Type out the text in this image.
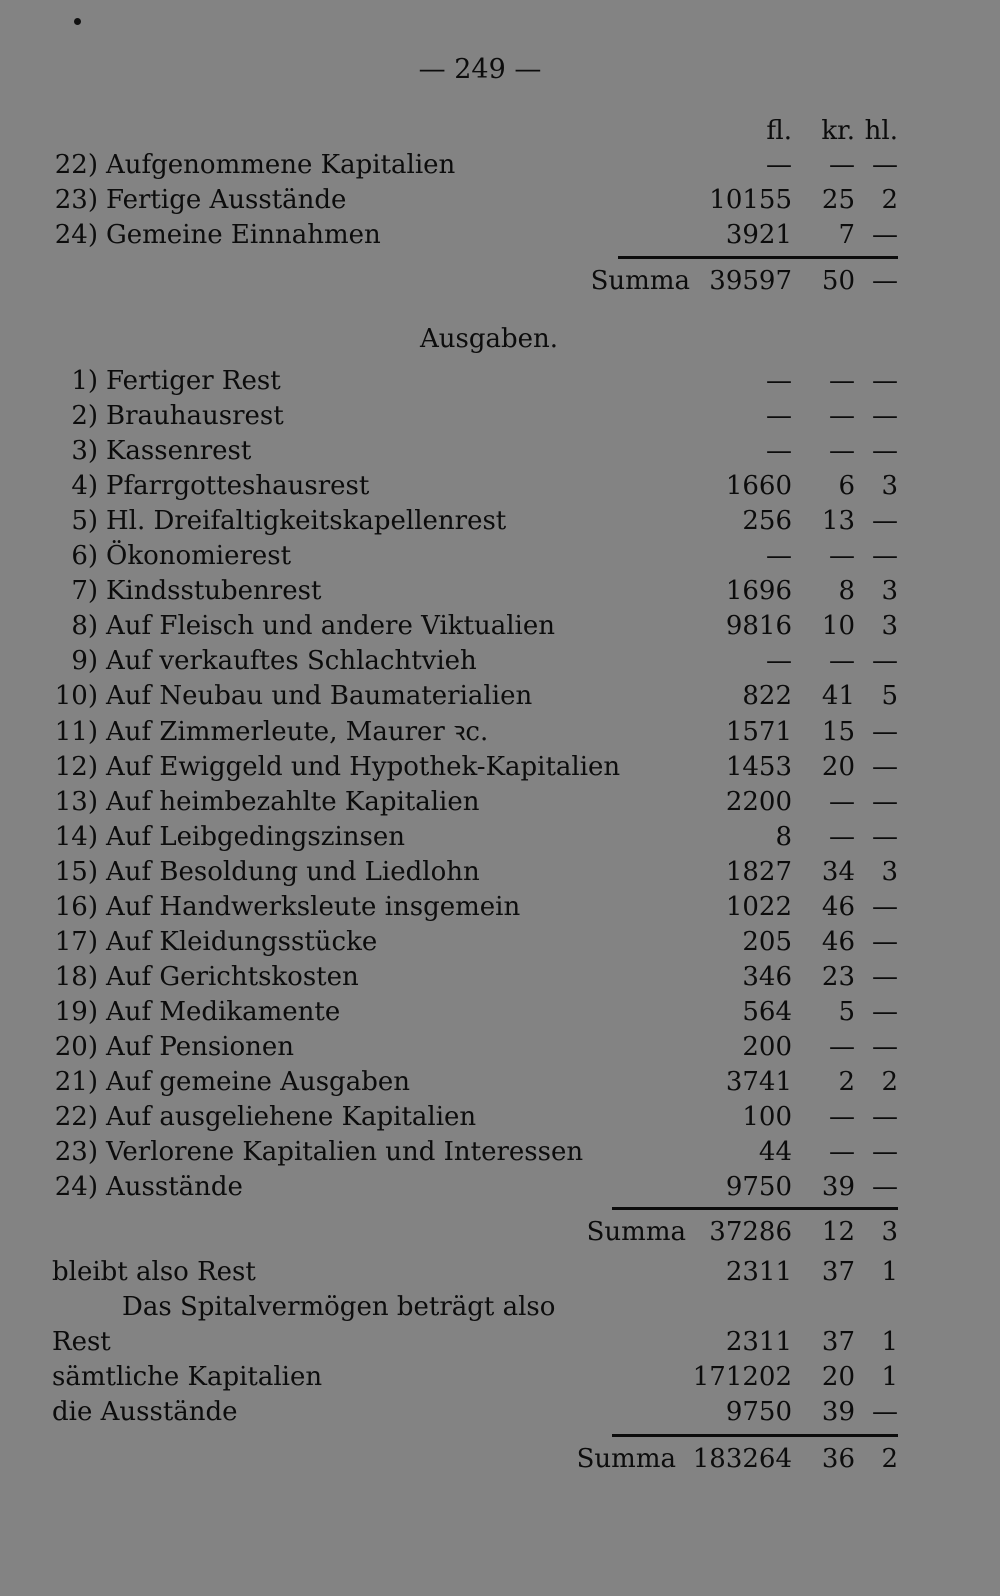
— 249 —
fl.	kr. hl.
22) Aufgenommene Kapitalien	—	— —
23) Fertige Ausstände	10155	25	2
24) Gemeine Einnahmen	3921	7 —
Summa 39597	50 —
Ausgaben.
1) Fertiger Rest	—	— —
2) Brauhausrest	—	— —
3) Kassenrest	—	— —
4) Pfarrgotteshausrest	1660	6	3
5) Hl. Dreifaltigkeitskapellenrest	256	13 —
6) Ökonomierest	—	— —
7) Kindsstubenrest	1696	8	3
8) Auf Fleisch und andere Viktualien	9816	10	3
9) Auf verkauftes Schlachtvieh	—	— —
10) Auf Neubau und Baumaterialien	822	41	5
11) Auf Zimmerleute, Maurer ꝛc.	1571	15 —
12) Auf Ewiggeld und Hypothek-Kapitalien	1453	20 —
13) Auf heimbezahlte Kapitalien	2200	— —
14) Auf Leibgedingszinsen	8	— —
15) Auf Besoldung und Liedlohn	1827	34	3
16) Auf Handwerksleute insgemein	1022	46 —
17) Auf Kleidungsstücke	205	46 —
18) Auf Gerichtskosten	346	23 —
19) Auf Medikamente	564	5 —
20) Auf Pensionen	200	— —
21) Auf gemeine Ausgaben	3741	2	2
22) Auf ausgeliehene Kapitalien	100	— —
23) Verlorene Kapitalien und Interessen	44	— —
24) Ausstände	9750	39 —
Summa 37286	12	3
bleibt also Rest	2311	37	1
Das Spitalvermögen beträgt also
Rest	2311	37	1
sämtliche Kapitalien	171202	20	1
die Ausstände	9750	39 —
Summa 183264	36	2
